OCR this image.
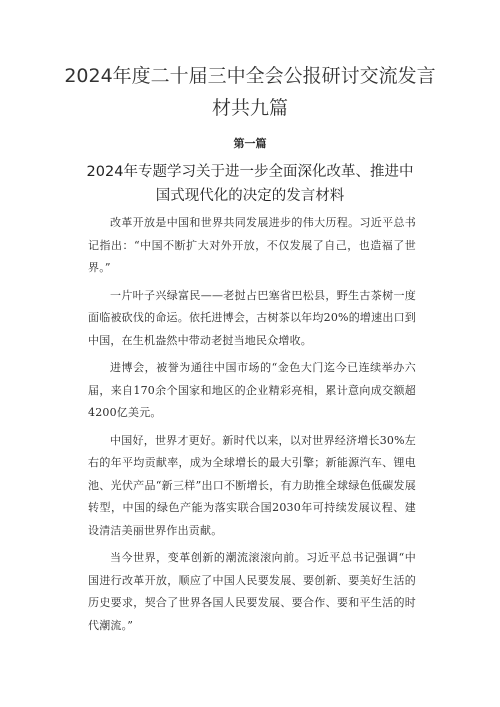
2024年度二十届三中全会公报研讨交流发言材共九篇
第一篇
2024年专题学习关于进一步全面深化改革、推进中国式现代化的决定的发言材料

改革开放是中国和世界共同发展进步的伟大历程。习近平总书记指出：“中国不断扩大对外开放，不仅发展了自己，也造福了世界。”

一片叶子兴绿富民——老挝占巴塞省巴松县，野生古茶树一度面临被砍伐的命运。依托进博会，古树茶以年均20%的增速出口到中国，在生机盎然中带动老挝当地民众增收。

进博会，被誉为通往中国市场的“金色大门迄今已连续举办六届，来自170余个国家和地区的企业精彩亮相，累计意向成交额超4200亿美元。

中国好，世界才更好。新时代以来，以对世界经济增长30%左右的年平均贡献率，成为全球增长的最大引擎；新能源汽车、锂电池、光伏产品“新三样”出口不断增长，有力助推全球绿色低碳发展转型，中国的绿色产能为落实联合国2030年可持续发展议程、建设清洁美丽世界作出贡献。

当今世界，变革创新的潮流滚滚向前。习近平总书记强调“中国进行改革开放，顺应了中国人民要发展、要创新、要美好生活的历史要求，契合了世界各国人民要发展、要合作、要和平生活的时代潮流。”
